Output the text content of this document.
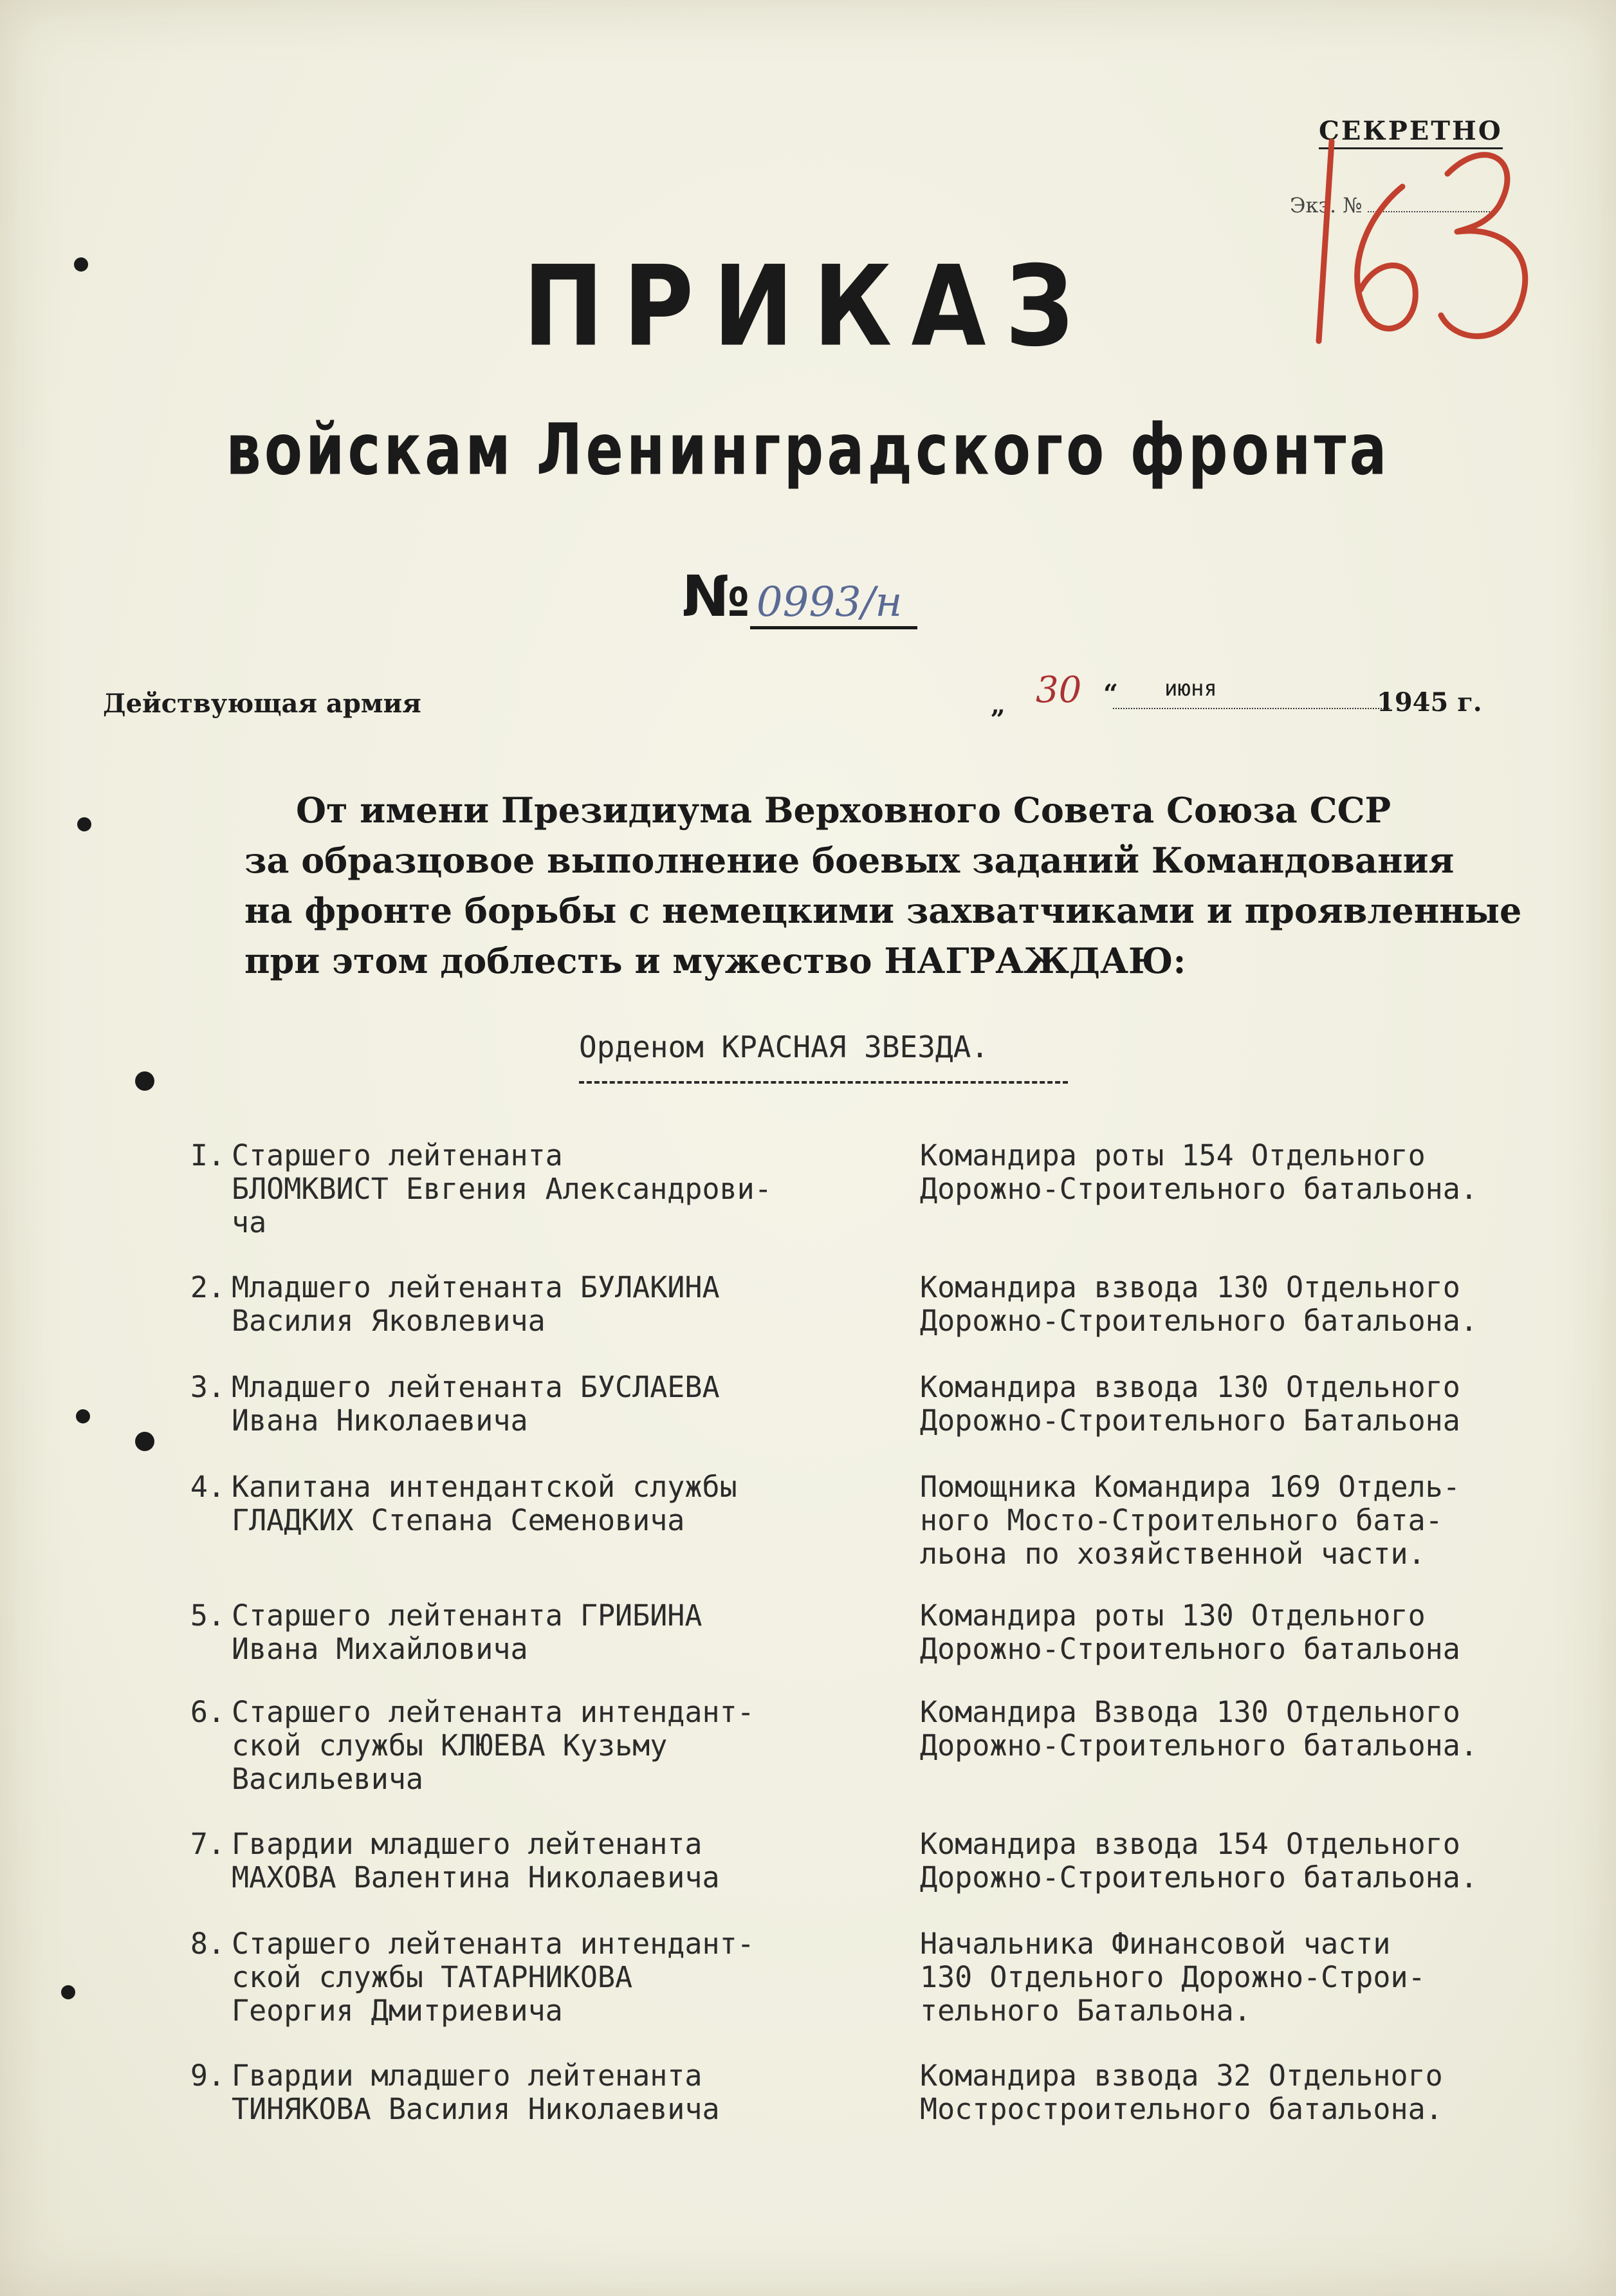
СЕКРЕТНО
Экз. №
ПРИКАЗ
войскам Ленинградского фронта
№ 0993/н
Действующая армия	„ 30 “ июня	1945 г.
От имени Президиума Верховного Совета Союза ССР
за образцовое выполнение боевых заданий Командования
на фронте борьбы с немецкими захватчиками и проявленные
при этом доблесть и мужество НАГРАЖДАЮ:
Орденом КРАСНАЯ ЗВЕЗДА.
I. Старшего лейтенанта
БЛОМКВИСТ Евгения Александрови-
ча
Командира роты 154 Отдельного
Дорожно-Строительного батальона.
2. Младшего лейтенанта БУЛАКИНА
Василия Яковлевича
Командира взвода 130 Отдельного
Дорожно-Строительного батальона.
3. Младшего лейтенанта БУСЛАЕВА
Ивана Николаевича
Командира взвода 130 Отдельного
Дорожно-Строительного Батальона
4. Капитана интендантской службы
ГЛАДКИХ Степана Семеновича
Помощника Командира 169 Отдель-
ного Мосто-Строительного бата-
льона по хозяйственной части.
5. Старшего лейтенанта ГРИБИНА
Ивана Михайловича
Командира роты 130 Отдельного
Дорожно-Строительного батальона
6. Старшего лейтенанта интендант-
ской службы КЛЮЕВА Кузьму
Васильевича
Командира Взвода 130 Отдельного
Дорожно-Строительного батальона.
7. Гвардии младшего лейтенанта
МАХОВА Валентина Николаевича
Командира взвода 154 Отдельного
Дорожно-Строительного батальона.
8. Старшего лейтенанта интендант-
ской службы ТАТАРНИКОВА
Георгия Дмитриевича
Начальника Финансовой части
130 Отдельного Дорожно-Строи-
тельного Батальона.
9. Гвардии младшего лейтенанта
ТИНЯКОВА Василия Николаевича
Командира взвода 32 Отдельного
Мостростроительного батальона.
